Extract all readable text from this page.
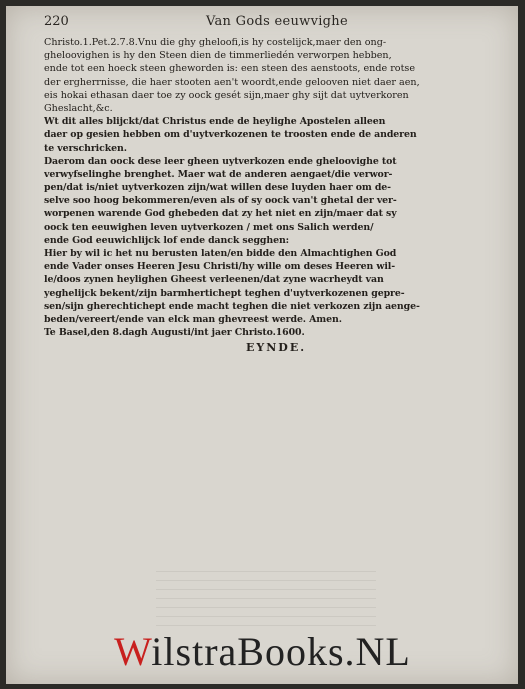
220	Van Gods eeuwvighe
Christo.1.Pet.2.7.8.Vnu die ghy gheloofi,is hy costelijck,maer den ong-
gheloovighen is hy den Steen dien de timmerliedén verworpen hebben,
ende tot een hoeck steen gheworden is: een steen des aenstoots, ende rotse
der ergherrnisse, die haer stooten aen't woordt,ende gelooven niet daer aen,
eis hokai ethasan daer toe zy oock gesét sijn,maer ghy sijt dat uytverkoren
Gheslacht,&c.
Wt dit alles blijckt/dat Christus ende de heylighe Apostelen alleen
daer op gesien hebben om d'uytverkozenen te troosten ende de anderen
te verschricken.
Daerom dan oock dese leer gheen uytverkozen ende gheloovighe tot
verwyfselinghe brenghet. Maer wat de anderen aengaet/die verwor-
pen/dat is/niet uytverkozen zijn/wat willen dese luyden haer om de-
selve soo hoog bekommeren/even als of sy oock van't ghetal der ver-
worpenen warende God ghebeden dat zy het niet en zijn/maer dat sy
oock ten eeuwighen leven uytverkozen / met ons Salich werden/
ende God eeuwichlijck lof ende danck segghen:
Hier by wil ic het nu berusten laten/en bidde den Almachtighen God
ende Vader onses Heeren Jesu Christi/hy wille om deses Heeren wil-
le/doos zynen heylighen Gheest verleenen/dat zyne wacrheydt van
yeghelijck bekent/zijn barmhertichept teghen d'uytverkozenen gepre-
sen/sijn gherechtichept ende macht teghen die niet verkozen zijn aenge-
beden/vereert/ende van elck man ghevreest werde. Amen.
Te Basel,den 8.dagh Augusti/int jaer Christo.1600.
EYNDE.
WilstraBooks.NL
